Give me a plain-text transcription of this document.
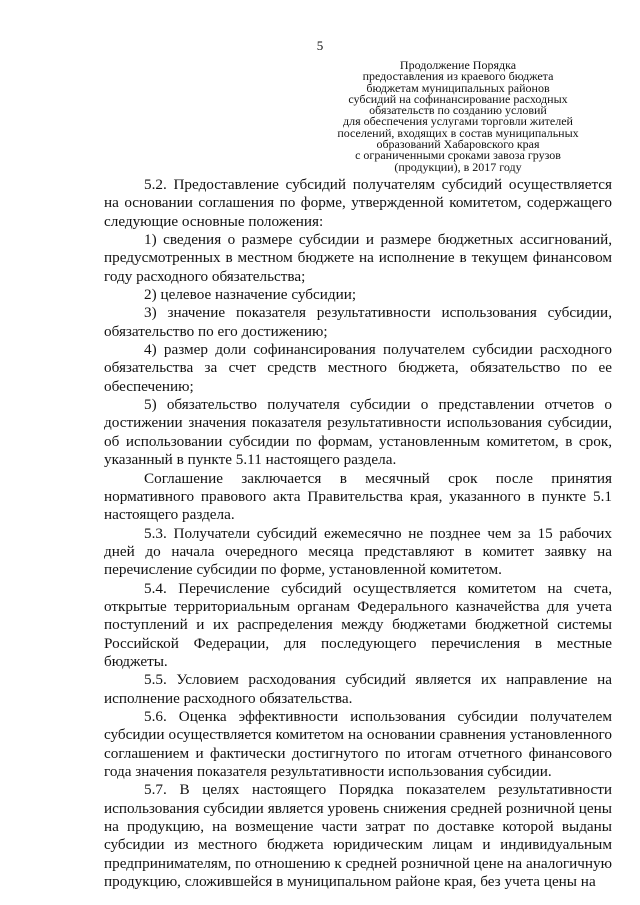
5
Продолжение Порядка
предоставления из краевого бюджета
бюджетам муниципальных районов
субсидий на софинансирование расходных
обязательств по созданию условий
для обеспечения услугами торговли жителей
поселений, входящих в состав муниципальных
образований Хабаровского края
с ограниченными сроками завоза грузов
(продукции), в 2017 году

5.2. Предоставление субсидий получателям субсидий осуществляется на основании соглашения по форме, утвержденной комитетом, содержащего следующие основные положения:

1) сведения о размере субсидии и размере бюджетных ассигнований, предусмотренных в местном бюджете на исполнение в текущем финансовом году расходного обязательства;

2) целевое назначение субсидии;

3) значение показателя результативности использования субсидии, обязательство по его достижению;

4) размер доли софинансирования получателем субсидии расходного обязательства за счет средств местного бюджета, обязательство по ее обеспечению;

5) обязательство получателя субсидии о представлении отчетов о достижении значения показателя результативности использования субсидии, об использовании субсидии по формам, установленным комитетом, в срок, указанный в пункте 5.11 настоящего раздела.

Соглашение заключается в месячный срок после принятия нормативного правового акта Правительства края, указанного в пункте 5.1 настоящего раздела.

5.3. Получатели субсидий ежемесячно не позднее чем за 15 рабочих дней до начала очередного месяца представляют в комитет заявку на перечисление субсидии по форме, установленной комитетом.

5.4. Перечисление субсидий осуществляется комитетом на счета, открытые территориальным органам Федерального казначейства для учета поступлений и их распределения между бюджетами бюджетной системы Российской Федерации, для последующего перечисления в местные бюджеты.

5.5. Условием расходования субсидий является их направление на исполнение расходного обязательства.

5.6. Оценка эффективности использования субсидии получателем субсидии осуществляется комитетом на основании сравнения установленного соглашением и фактически достигнутого по итогам отчетного финансового года значения показателя результативности использования субсидии.

5.7. В целях настоящего Порядка показателем результативности использования субсидии является уровень снижения средней розничной цены на продукцию, на возмещение части затрат по доставке которой выданы субсидии из местного бюджета юридическим лицам и индивидуальным предпринимателям, по отношению к средней розничной цене на аналогичную продукцию, сложившейся в муниципальном районе края, без учета цены на
